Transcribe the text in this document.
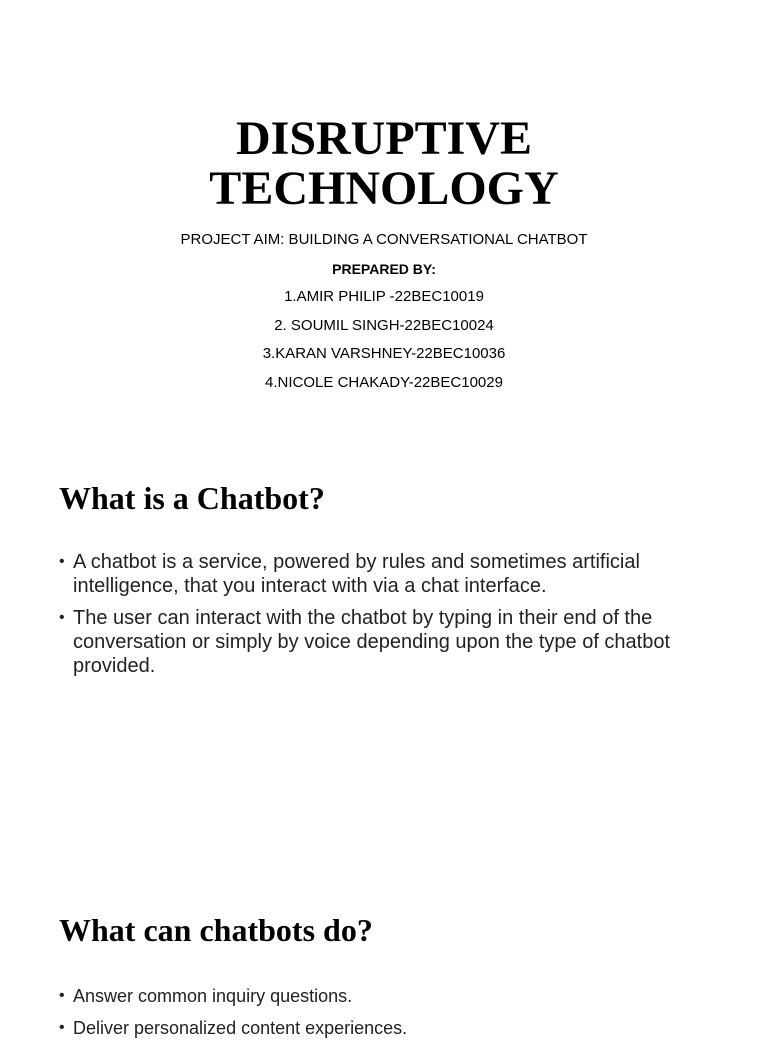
DISRUPTIVE
TECHNOLOGY
PROJECT AIM: BUILDING A CONVERSATIONAL CHATBOT
PREPARED BY:
1.AMIR PHILIP -22BEC10019
2. SOUMIL SINGH-22BEC10024
3.KARAN VARSHNEY-22BEC10036
4.NICOLE CHAKADY-22BEC10029
What is a Chatbot?
• A chatbot is a service, powered by rules and sometimes artificial intelligence, that you interact with via a chat interface.
• The user can interact with the chatbot by typing in their end of the conversation or simply by voice depending upon the type of chatbot provided.
What can chatbots do?
• Answer common inquiry questions.
• Deliver personalized content experiences.
